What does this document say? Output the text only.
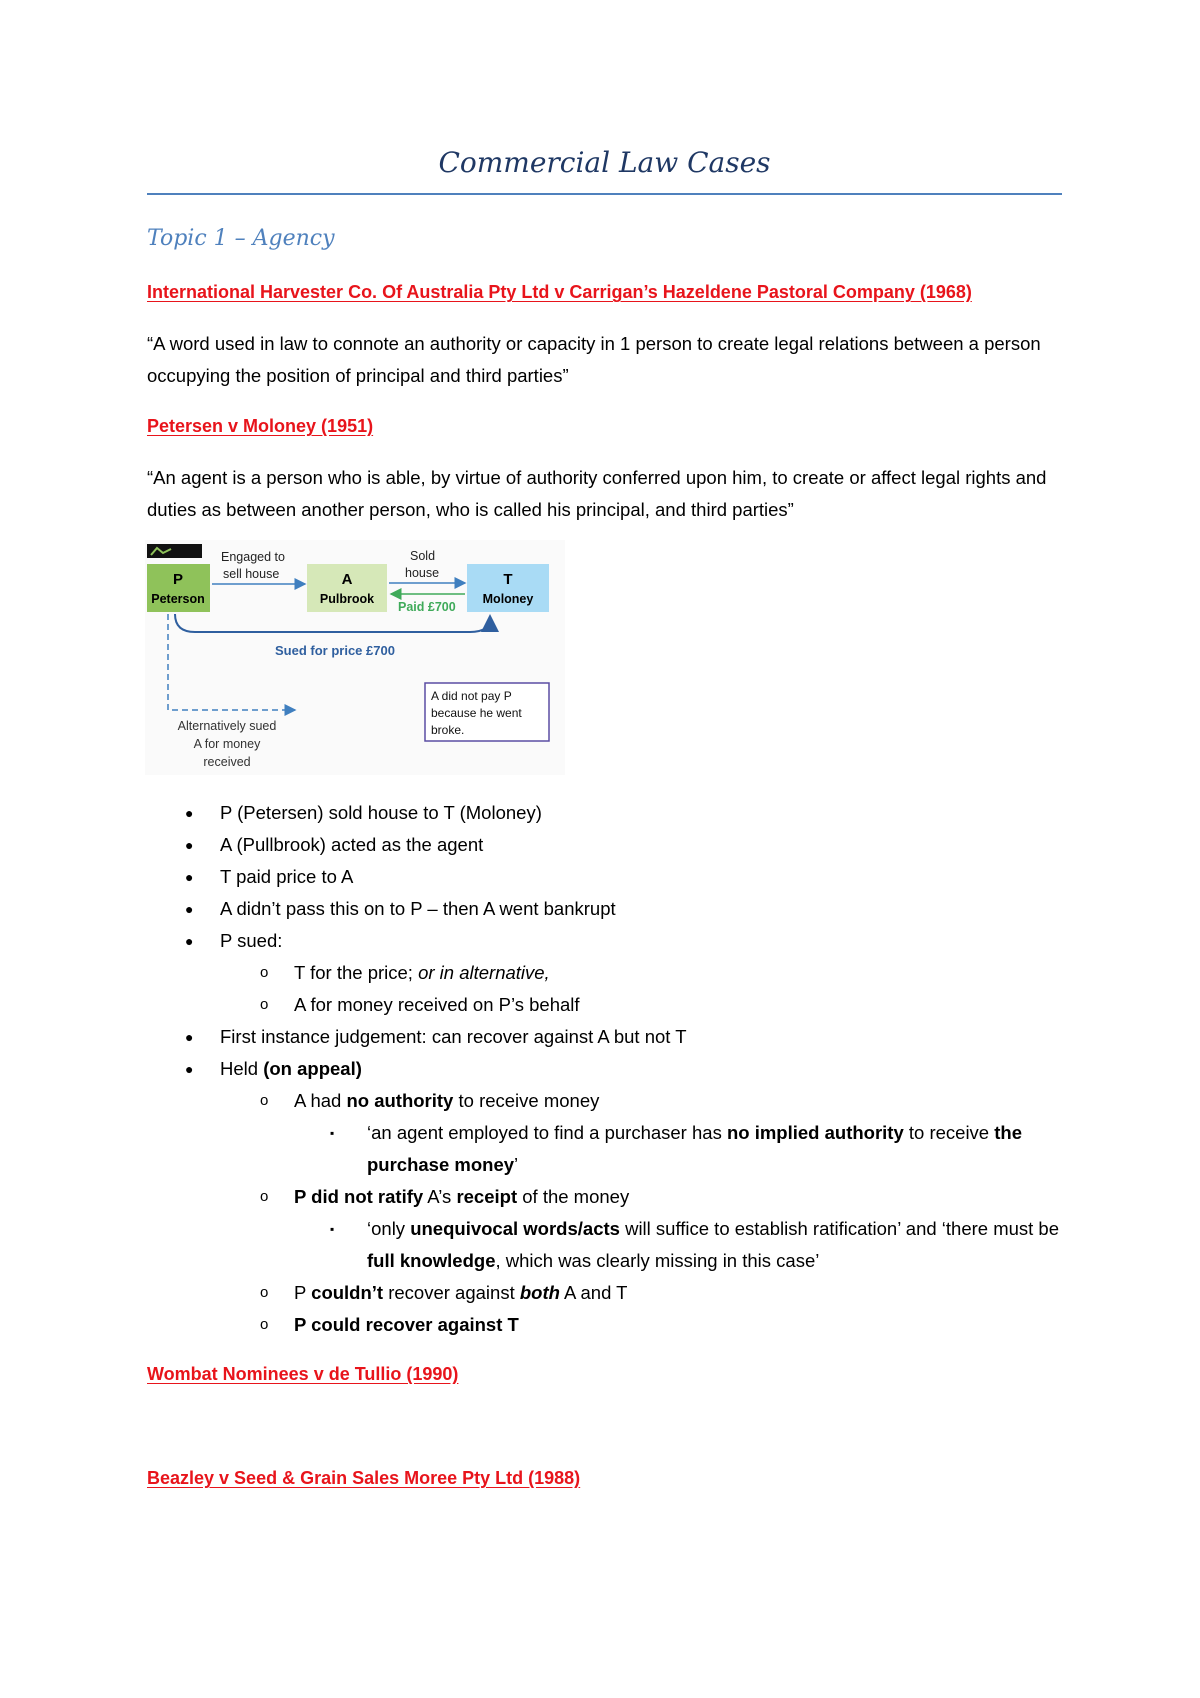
Commercial Law Cases
Topic 1 – Agency

International Harvester Co. Of Australia Pty Ltd v Carrigan’s Hazeldene Pastoral Company (1968)

“A word used in law to connote an authority or capacity in 1 person to create legal relations between a person occupying the position of principal and third parties”

Petersen v Moloney (1951)

“An agent is a person who is able, by virtue of authority conferred upon him, to create or affect legal rights and duties as between another person, who is called his principal, and third parties”

P
Peterson
A
Pulbrook
T
Moloney
Engaged to
sell house
Sold
house
Paid £700
Sued for price £700
Alternatively sued
A for money
received
A did not pay P
because he went
broke.
● P (Petersen) sold house to T (Moloney)
● A (Pullbrook) acted as the agent
● T paid price to A
● A didn’t pass this on to P – then A went bankrupt
● P sued:
o T for the price; or in alternative,
o A for money received on P’s behalf
● First instance judgement: can recover against A but not T
● Held (on appeal)
o A had no authority to receive money
▪ ‘an agent employed to find a purchaser has no implied authority to receive the purchase money’
o P did not ratify A’s receipt of the money
▪ ‘only unequivocal words/acts will suffice to establish ratification’ and ‘there must be full knowledge, which was clearly missing in this case’
o P couldn’t recover against both A and T
o P could recover against T

Wombat Nominees v de Tullio (1990)

Beazley v Seed & Grain Sales Moree Pty Ltd (1988)
